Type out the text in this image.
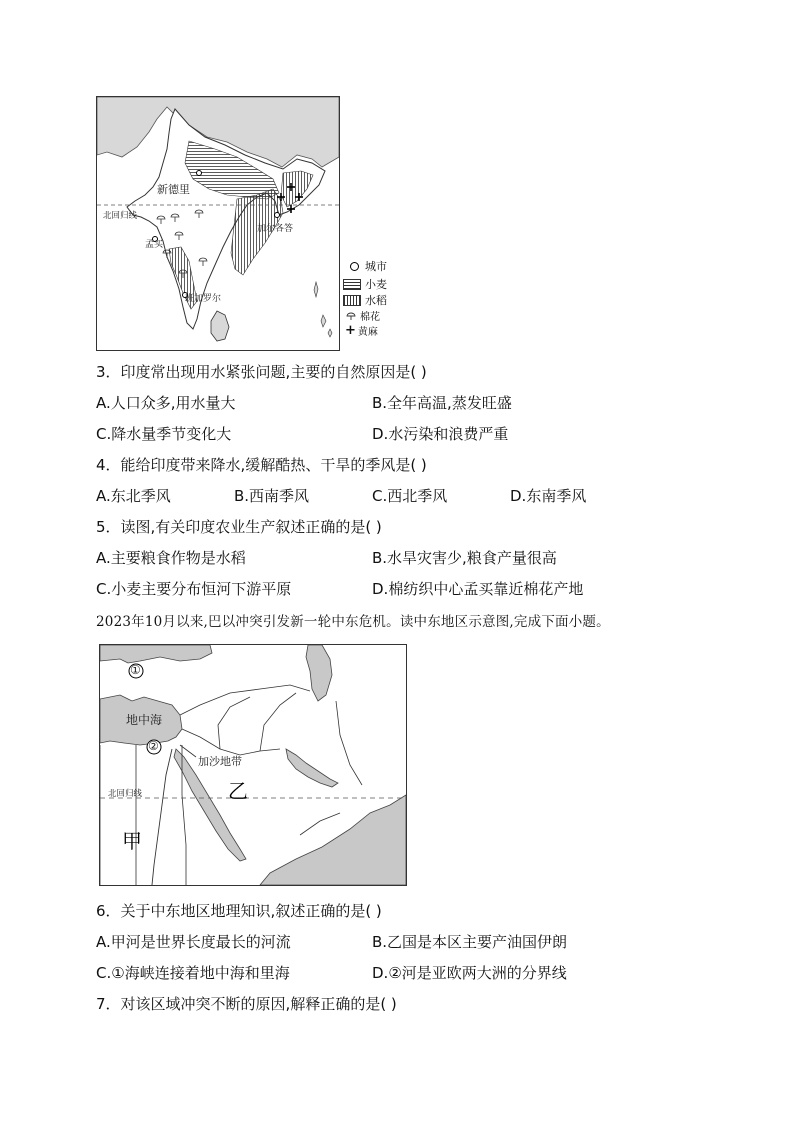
新德里
北回归线
加尔各答
孟买
班加罗尔
城市
小麦
水稻
棉花
+ 黄麻
3．印度常出现用水紧张问题,主要的自然原因是( )
A.人口众多,用水量大	B.全年高温,蒸发旺盛
C.降水量季节变化大	D.水污染和浪费严重
4．能给印度带来降水,缓解酷热、干旱的季风是( )
A.东北季风	B.西南季风	C.西北季风	D.东南季风
5．读图,有关印度农业生产叙述正确的是( )
A.主要粮食作物是水稻	B.水旱灾害少,粮食产量很高
C.小麦主要分布恒河下游平原	D.棉纺织中心孟买靠近棉花产地
2023年10月以来,巴以冲突引发新一轮中东危机。读中东地区示意图,完成下面小题。
①
地中海
②
加沙地带
乙
北回归线
甲
6．关于中东地区地理知识,叙述正确的是( )
A.甲河是世界长度最长的河流	B.乙国是本区主要产油国伊朗
C.①海峡连接着地中海和里海	D.②河是亚欧两大洲的分界线
7．对该区域冲突不断的原因,解释正确的是( )
